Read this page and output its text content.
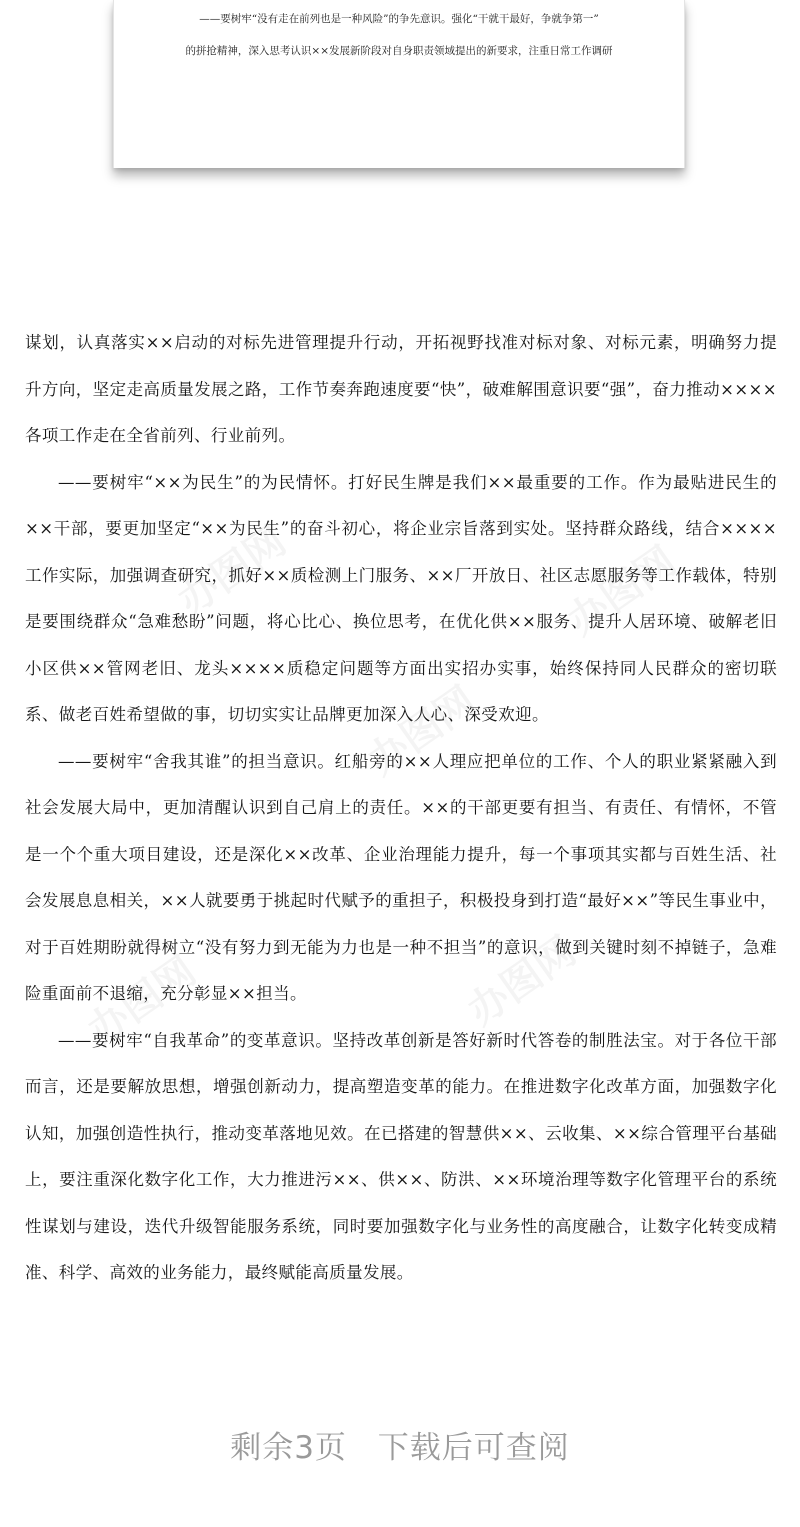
——要树牢“没有走在前列也是一种风险”的争先意识。强化“干就干最好，争就争第一”
的拼抢精神，深入思考认识××发展新阶段对自身职责领域提出的新要求，注重日常工作调研

谋划，认真落实××启动的对标先进管理提升行动，开拓视野找准对标对象、对标元素，明确努力提升方向，坚定走高质量发展之路，工作节奏奔跑速度要“快”，破难解围意识要“强”，奋力推动××××各项工作走在全省前列、行业前列。

——要树牢“××为民生”的为民情怀。打好民生牌是我们××最重要的工作。作为最贴进民生的××干部，要更加坚定“××为民生”的奋斗初心，将企业宗旨落到实处。坚持群众路线，结合××××工作实际，加强调查研究，抓好××质检测上门服务、××厂开放日、社区志愿服务等工作载体，特别是要围绕群众“急难愁盼”问题，将心比心、换位思考，在优化供××服务、提升人居环境、破解老旧小区供××管网老旧、龙头××××质稳定问题等方面出实招办实事，始终保持同人民群众的密切联系、做老百姓希望做的事，切切实实让品牌更加深入人心、深受欢迎。

——要树牢“舍我其谁”的担当意识。红船旁的××人理应把单位的工作、个人的职业紧紧融入到社会发展大局中，更加清醒认识到自己肩上的责任。××的干部更要有担当、有责任、有情怀，不管是一个个重大项目建设，还是深化××改革、企业治理能力提升，每一个事项其实都与百姓生活、社会发展息息相关，××人就要勇于挑起时代赋予的重担子，积极投身到打造“最好××”等民生事业中，对于百姓期盼就得树立“没有努力到无能为力也是一种不担当”的意识，做到关键时刻不掉链子，急难险重面前不退缩，充分彰显××担当。

——要树牢“自我革命”的变革意识。坚持改革创新是答好新时代答卷的制胜法宝。对于各位干部而言，还是要解放思想，增强创新动力，提高塑造变革的能力。在推进数字化改革方面，加强数字化认知，加强创造性执行，推动变革落地见效。在已搭建的智慧供××、云收集、××综合管理平台基础上，要注重深化数字化工作，大力推进污××、供××、防洪、××环境治理等数字化管理平台的系统性谋划与建设，迭代升级智能服务系统，同时要加强数字化与业务性的高度融合，让数字化转变成精准、科学、高效的业务能力，最终赋能高质量发展。

剩余3页 下载后可查阅
